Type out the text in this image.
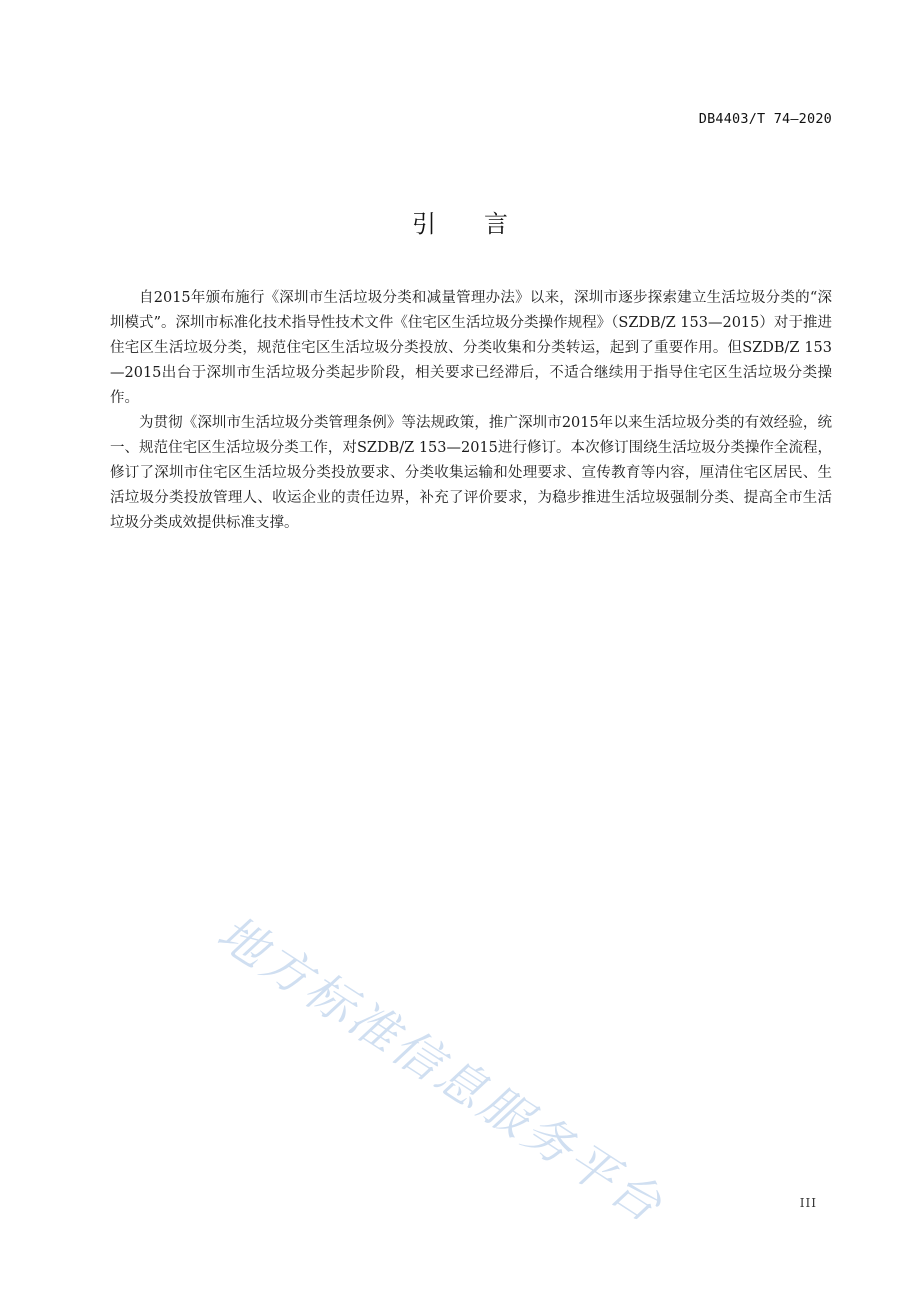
DB4403/T 74—2020
引言

自2015年颁布施行《深圳市生活垃圾分类和减量管理办法》以来，深圳市逐步探索建立生活垃圾分类的“深圳模式”。深圳市标准化技术指导性技术文件《住宅区生活垃圾分类操作规程》（SZDB/Z 153—2015）对于推进住宅区生活垃圾分类，规范住宅区生活垃圾分类投放、分类收集和分类转运，起到了重要作用。但SZDB/Z 153—2015出台于深圳市生活垃圾分类起步阶段，相关要求已经滞后，不适合继续用于指导住宅区生活垃圾分类操作。

为贯彻《深圳市生活垃圾分类管理条例》等法规政策，推广深圳市2015年以来生活垃圾分类的有效经验，统一、规范住宅区生活垃圾分类工作，对SZDB/Z 153—2015进行修订。本次修订围绕生活垃圾分类操作全流程，修订了深圳市住宅区生活垃圾分类投放要求、分类收集运输和处理要求、宣传教育等内容，厘清住宅区居民、生活垃圾分类投放管理人、收运企业的责任边界，补充了评价要求，为稳步推进生活垃圾强制分类、提高全市生活垃圾分类成效提供标准支撑。

地方标准信息服务平台	III
